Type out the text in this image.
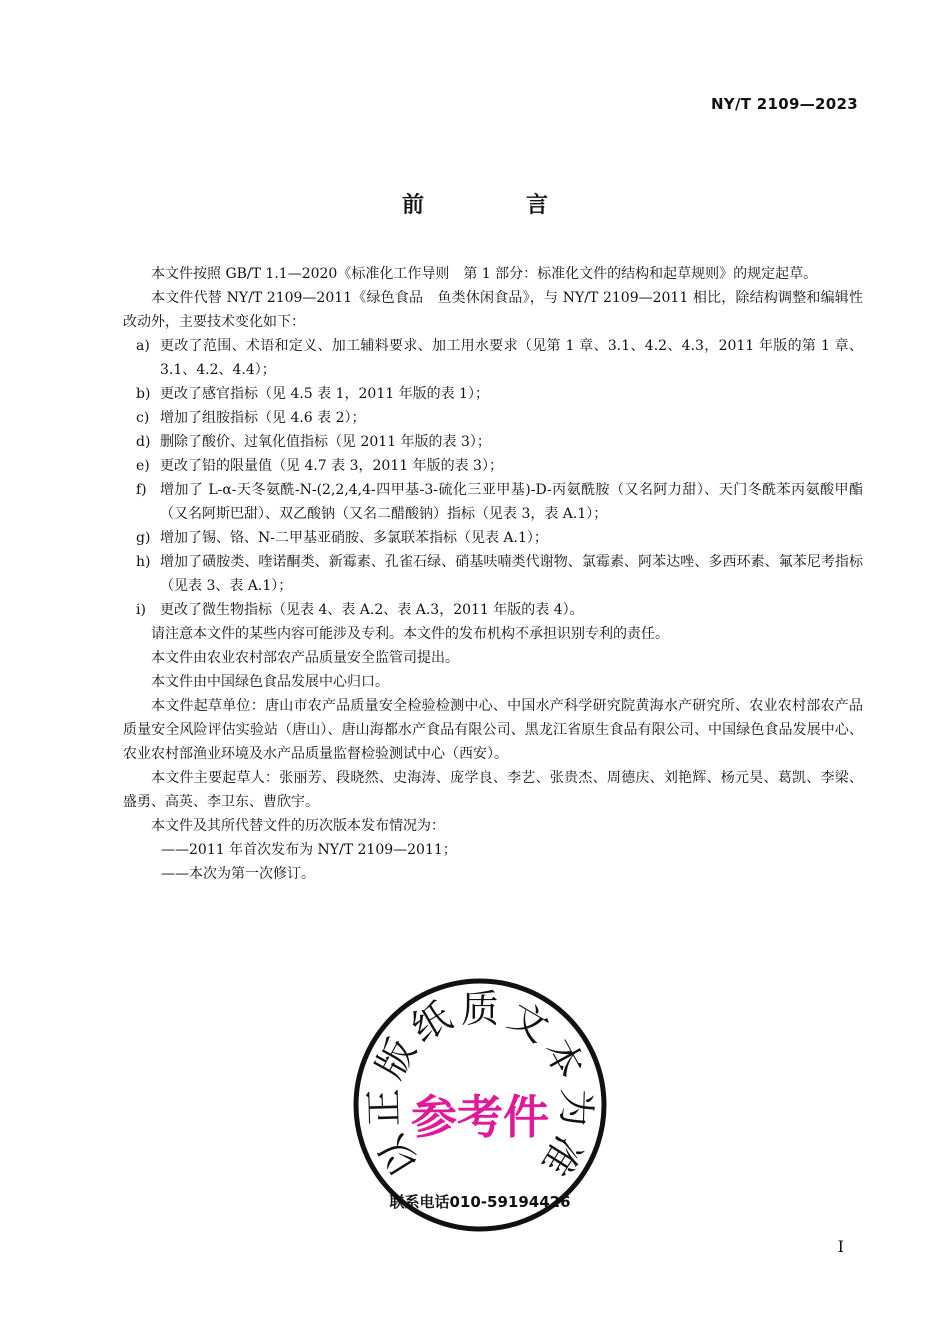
NY/T 2109—2023
前　言

本文件按照 GB/T 1.1—2020《标准化工作导则　第 1 部分：标准化文件的结构和起草规则》的规定起草。

本文件代替 NY/T 2109—2011《绿色食品　鱼类休闲食品》，与 NY/T 2109—2011 相比，除结构调整和编辑性改动外，主要技术变化如下：

a) 更改了范围、术语和定义、加工辅料要求、加工用水要求（见第 1 章、3.1、4.2、4.3，2011 年版的第 1 章、3.1、4.2、4.4）；
b) 更改了感官指标（见 4.5 表 1，2011 年版的表 1）；
c) 增加了组胺指标（见 4.6 表 2）；
d) 删除了酸价、过氧化值指标（见 2011 年版的表 3）；
e) 更改了铅的限量值（见 4.7 表 3，2011 年版的表 3）；
f) 增加了 L-α-天冬氨酰-N-(2,2,4,4-四甲基-3-硫化三亚甲基)-D-丙氨酰胺（又名阿力甜）、天门冬酰苯丙氨酸甲酯（又名阿斯巴甜）、双乙酸钠（又名二醋酸钠）指标（见表 3，表 A.1）；
g) 增加了锡、铬、N-二甲基亚硝胺、多氯联苯指标（见表 A.1）；
h) 增加了磺胺类、喹诺酮类、新霉素、孔雀石绿、硝基呋喃类代谢物、氯霉素、阿苯达唑、多西环素、氟苯尼考指标（见表 3、表 A.1）；
i)	更改了微生物指标（见表 4、表 A.2、表 A.3，2011 年版的表 4）。

请注意本文件的某些内容可能涉及专利。本文件的发布机构不承担识别专利的责任。

本文件由农业农村部农产品质量安全监管司提出。

本文件由中国绿色食品发展中心归口。

本文件起草单位：唐山市农产品质量安全检验检测中心、中国水产科学研究院黄海水产研究所、农业农村部农产品质量安全风险评估实验站（唐山）、唐山海都水产食品有限公司、黑龙江省原生食品有限公司、中国绿色食品发展中心、农业农村部渔业环境及水产品质量监督检验测试中心（西安）。

本文件主要起草人：张丽芳、段晓然、史海涛、庞学良、李艺、张贵杰、周德庆、刘艳辉、杨元昊、葛凯、李梁、盛勇、高英、李卫东、曹欣宇。

本文件及其所代替文件的历次版本发布情况为：

——2011 年首次发布为 NY/T 2109—2011；

——本次为第一次修订。

以
正
版
纸 质 文
本
为
准
参考件
联系电话010-59194426
I
